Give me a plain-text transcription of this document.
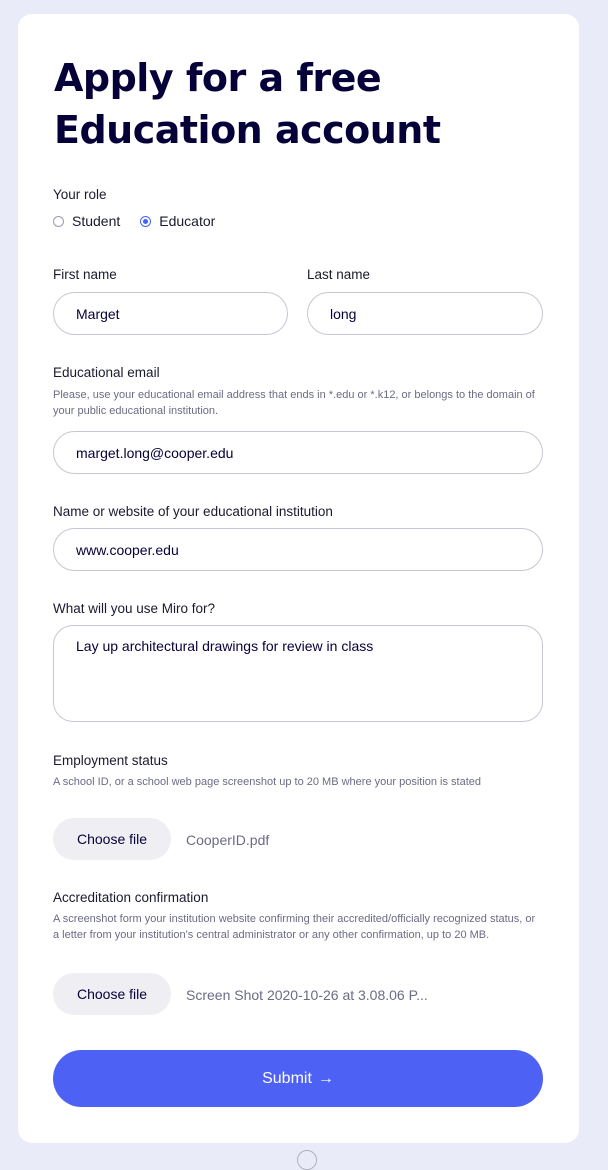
Apply for a free Education account
Your role
Student	Educator
First name	Last name
Marget	long
Educational email
Please, use your educational email address that ends in *.edu or *.k12, or belongs to the domain of your public educational institution.
marget.long@cooper.edu
Name or website of your educational institution
www.cooper.edu
What will you use Miro for?
Lay up architectural drawings for review in class
Employment status
A school ID, or a school web page screenshot up to 20 MB where your position is stated
Choose file	CooperID.pdf
Accreditation confirmation
A screenshot form your institution website confirming their accredited/officially recognized status, or a letter from your institution's central administrator or any other confirmation, up to 20 MB.
Choose file	Screen Shot 2020-10-26 at 3.08.06 P...
Submit →
